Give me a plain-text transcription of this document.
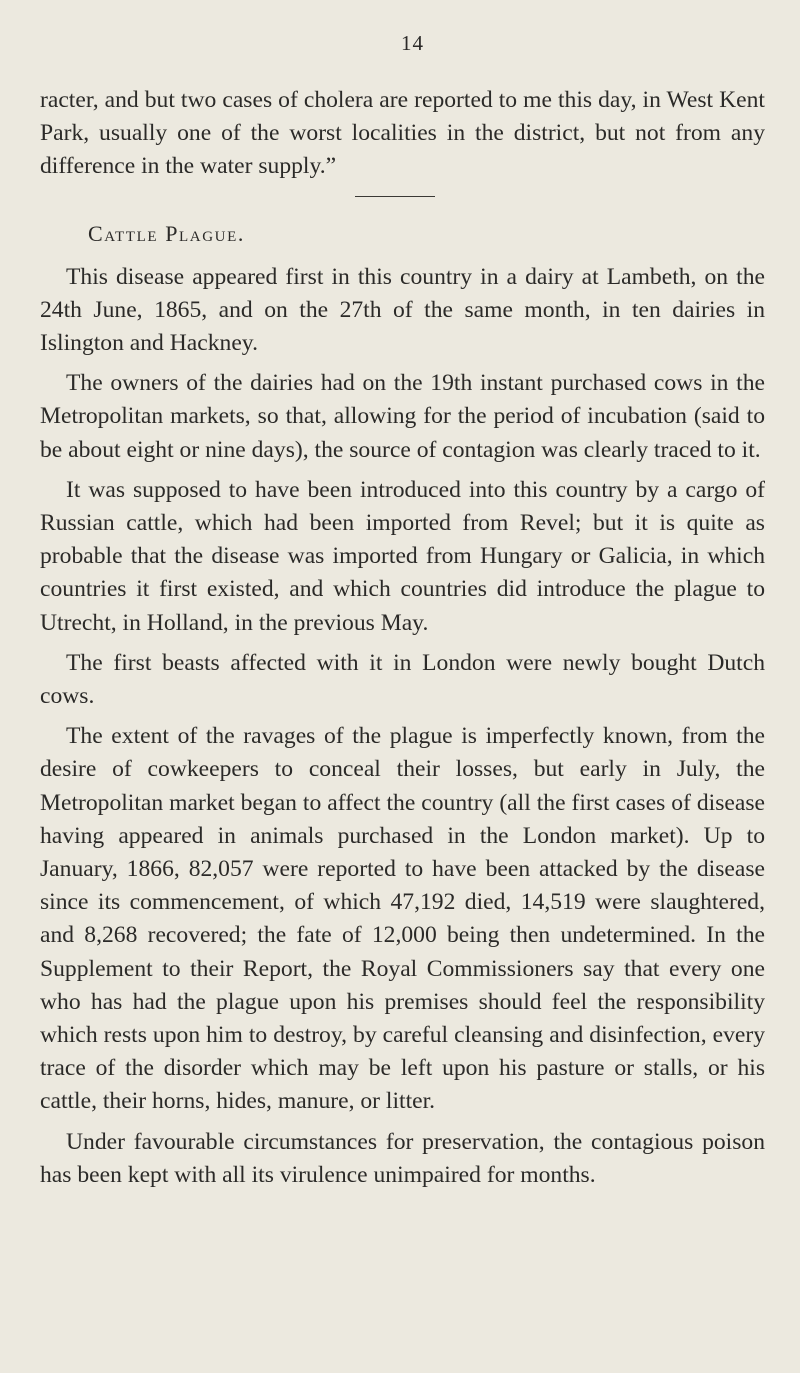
14

racter, and but two cases of cholera are reported to me this day, in West Kent Park, usually one of the worst localities in the district, but not from any difference in the water supply.”

Cattle Plague.

This disease appeared first in this country in a dairy at Lambeth, on the 24th June, 1865, and on the 27th of the same month, in ten dairies in Islington and Hackney.

The owners of the dairies had on the 19th instant purchased cows in the Metropolitan markets, so that, allowing for the period of incubation (said to be about eight or nine days), the source of contagion was clearly traced to it.

It was supposed to have been introduced into this country by a cargo of Russian cattle, which had been imported from Revel; but it is quite as probable that the disease was imported from Hungary or Galicia, in which countries it first existed, and which countries did introduce the plague to Utrecht, in Holland, in the previous May.

The first beasts affected with it in London were newly bought Dutch cows.

The extent of the ravages of the plague is imperfectly known, from the desire of cowkeepers to conceal their losses, but early in July, the Metropolitan market began to affect the country (all the first cases of disease having appeared in animals purchased in the London market). Up to January, 1866, 82,057 were reported to have been attacked by the disease since its commencement, of which 47,192 died, 14,519 were slaughtered, and 8,268 recovered; the fate of 12,000 being then undetermined. In the Supplement to their Report, the Royal Commissioners say that every one who has had the plague upon his premises should feel the responsibility which rests upon him to destroy, by careful cleansing and disinfection, every trace of the disorder which may be left upon his pasture or stalls, or his cattle, their horns, hides, manure, or litter.

Under favourable circumstances for preservation, the contagious poison has been kept with all its virulence unimpaired for months.
